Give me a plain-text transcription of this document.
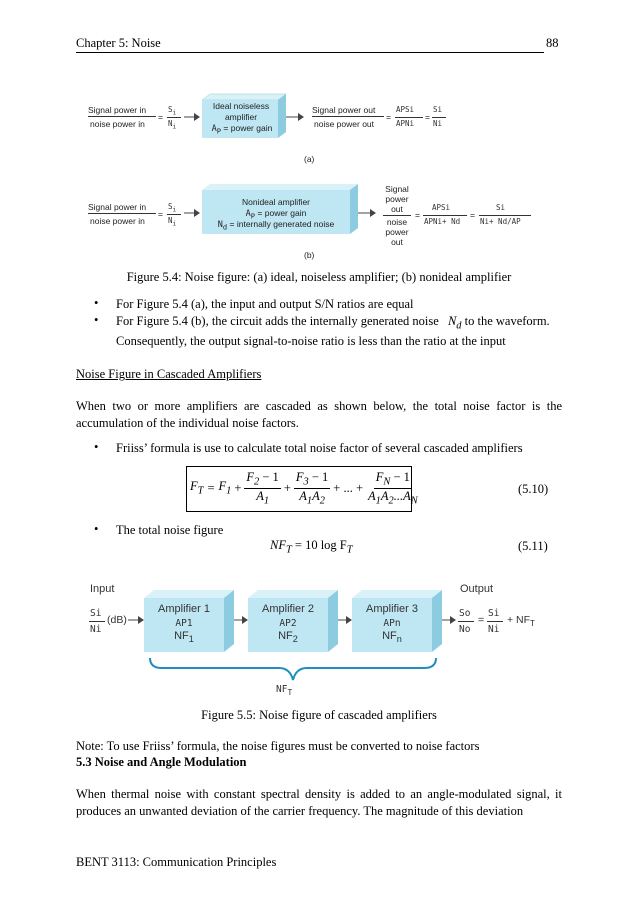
Chapter 5: Noise	88
Signal power in
noise power in
=
$S_i$
$N_i$
Ideal noiseless
amplifier
$A_P$ = power gain
Signal power out
noise power out
=
APSi
APNi
=
Si
Ni
(a)
Signal power in
noise power in
=
$S_i$
$N_i$
Nonideal amplifier
$A_P$ = power gain
$N_d$ = internally generated noise
Signal
power
out
noise
power
out
=
APSi
APNi+ Nd
=
Si
Ni+ Nd/AP
(b)
Figure 5.4: Noise figure: (a) ideal, noiseless amplifier; (b) nonideal amplifier
• For Figure 5.4 (a), the input and output S/N ratios are equal
• For Figure 5.4 (b), the circuit adds the internally generated noise $N_d$ to the waveform.
Consequently, the output signal-to-noise ratio is less than the ratio at the input
Noise Figure in Cascaded Amplifiers
When two or more amplifiers are cascaded as shown below, the total noise factor is the accumulation of the individual noise factors.
• Friiss’ formula is use to calculate total noise factor of several cascaded amplifiers
$F_T = F_1 + \frac{F_2 - 1}{A_1} + \frac{F_3 - 1}{A_1A_2}$ + ... + $\frac{F_N - 1}{A_1A_2...A_N}$	(5.10)
• The total noise figure
$NF_T = 10$ $\log F_T$	(5.11)
Input	Output
Si
Ni
(dB)
Amplifier 1
AP1
$NF_1$
Amplifier 2
AP2
$NF_2$
Amplifier 3
APn
$NF_n$
So
No
=
Si
Ni
+ $NF_T$
$NF_T$
Figure 5.5: Noise figure of cascaded amplifiers
Note: To use Friiss’ formula, the noise figures must be converted to noise factors
5.3 Noise and Angle Modulation
When thermal noise with constant spectral density is added to an angle-modulated signal, it produces an unwanted deviation of the carrier frequency. The magnitude of this deviation
BENT 3113: Communication Principles
